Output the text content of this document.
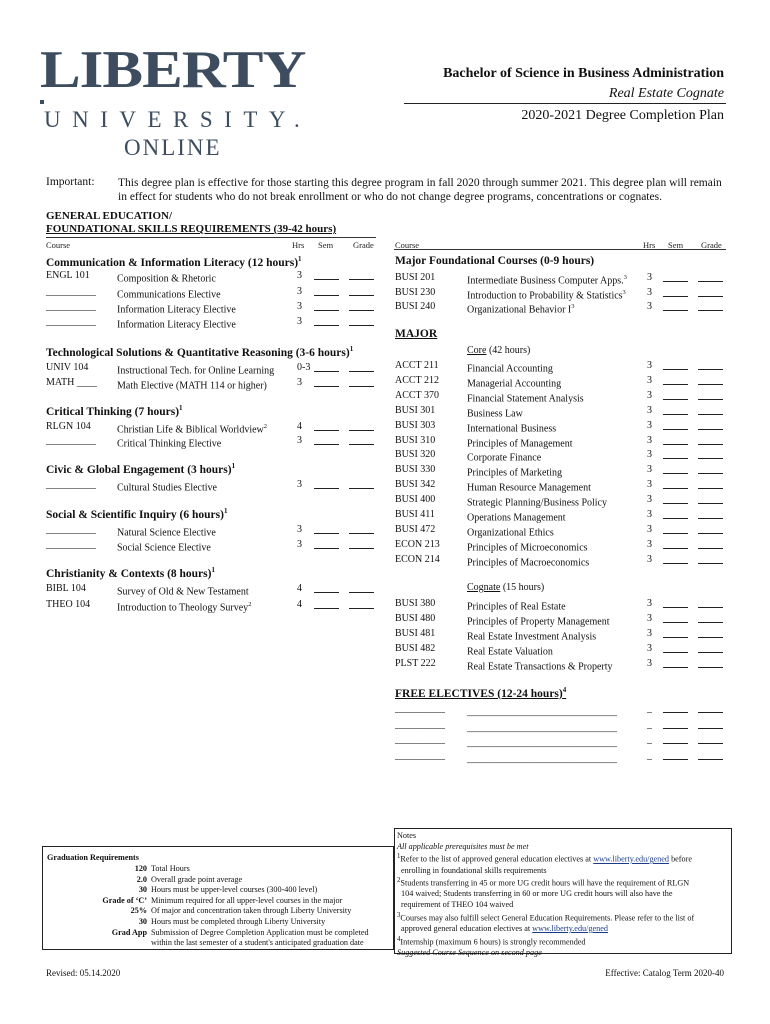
LIBERTY
UNIVERSITY.
ONLINE
Bachelor of Science in Business Administration
Real Estate Cognate
2020-2021 Degree Completion Plan
Important: This degree plan is effective for those starting this degree program in fall 2020 through summer 2021. This degree plan will remain in effect for students who do not break enrollment or who do not change degree programs, concentrations or cognates.
GENERAL EDUCATION/
FOUNDATIONAL SKILLS REQUIREMENTS (39-42 hours)
Course	Hrs Sem Grade
Communication & Information Literacy (12 hours)$^1$
ENGL 101	Composition & Rhetoric	3
__________ Communications Elective	3
__________ Information Literacy Elective	3
__________ Information Literacy Elective	3
Technological Solutions & Quantitative Reasoning (3-6 hours)$^1$
UNIV 104	Instructional Tech. for Online Learning 0-3
MATH ____ Math Elective (MATH 114 or higher)	3
Critical Thinking (7 hours)$^1$
RLGN 104	Christian Life & Biblical Worldview$^2$	4
__________ Critical Thinking Elective	3
Civic & Global Engagement (3 hours)$^1$
__________ Cultural Studies Elective	3
Social & Scientific Inquiry (6 hours)$^1$
__________ Natural Science Elective	3
__________ Social Science Elective	3
Christianity & Contexts (8 hours)$^1$
BIBL 104	Survey of Old & New Testament	4
THEO 104	Introduction to Theology Survey$^2$	4
Course	Hrs Sem Grade
Major Foundational Courses (0-9 hours)
BUSI 201	Intermediate Business Computer Apps.$^3$ 3
BUSI 230	Introduction to Probability & Statistics$^3$ 3
BUSI 240	Organizational Behavior $I^3$	3
MAJOR
Core (42 hours)
ACCT 211	Financial Accounting	3
ACCT 212	Managerial Accounting	3
ACCT 370	Financial Statement Analysis	3
BUSI 301	Business Law	3
BUSI 303	International Business	3
BUSI 310	Principles of Management	3
BUSI 320	Corporate Finance	3
BUSI 330	Principles of Marketing	3
BUSI 342	Human Resource Management	3
BUSI 400	Strategic Planning/Business Policy	3
BUSI 411	Operations Management	3
BUSI 472	Organizational Ethics	3
ECON 213	Principles of Microeconomics	3
ECON 214	Principles of Macroeconomics	3
Cognate (15 hours)
BUSI 380	Principles of Real Estate	3
BUSI 480	Principles of Property Management	3
BUSI 481	Real Estate Investment Analysis	3
BUSI 482	Real Estate Valuation	3
PLST 222	Real Estate Transactions & Property	3
FREE ELECTIVES (12-24 hours)$^4$
__________ ______________________________	_
__________ ______________________________	_
__________ ______________________________	_
__________ ______________________________	_
Graduation Requirements
120 Total Hours
2.0 Overall grade point average
30 Hours must be upper-level courses (300-400 level)
Grade of ‘C’ Minimum required for all upper-level courses in the major
25% Of major and concentration taken through Liberty University
30 Hours must be completed through Liberty University
Grad App Submission of Degree Completion Application must be completed
within the last semester of a student's anticipated graduation date
Notes
All applicable prerequisites must be met
$^1$Refer to the list of approved general education electives at www.liberty.edu/gened before
enrolling in foundational skills requirements
$^2$Students transferring in 45 or more UG credit hours will have the requirement of RLGN
104 waived; Students transferring in 60 or more UG credit hours will also have the
requirement of THEO 104 waived
$^3$Courses may also fulfill select General Education Requirements. Please refer to the list of
approved general education electives at www.liberty.edu/gened
$^4$Internship (maximum 6 hours) is strongly recommended
Suggested Course Sequence on second page
Revised: 05.14.2020	Effective: Catalog Term 2020-40
